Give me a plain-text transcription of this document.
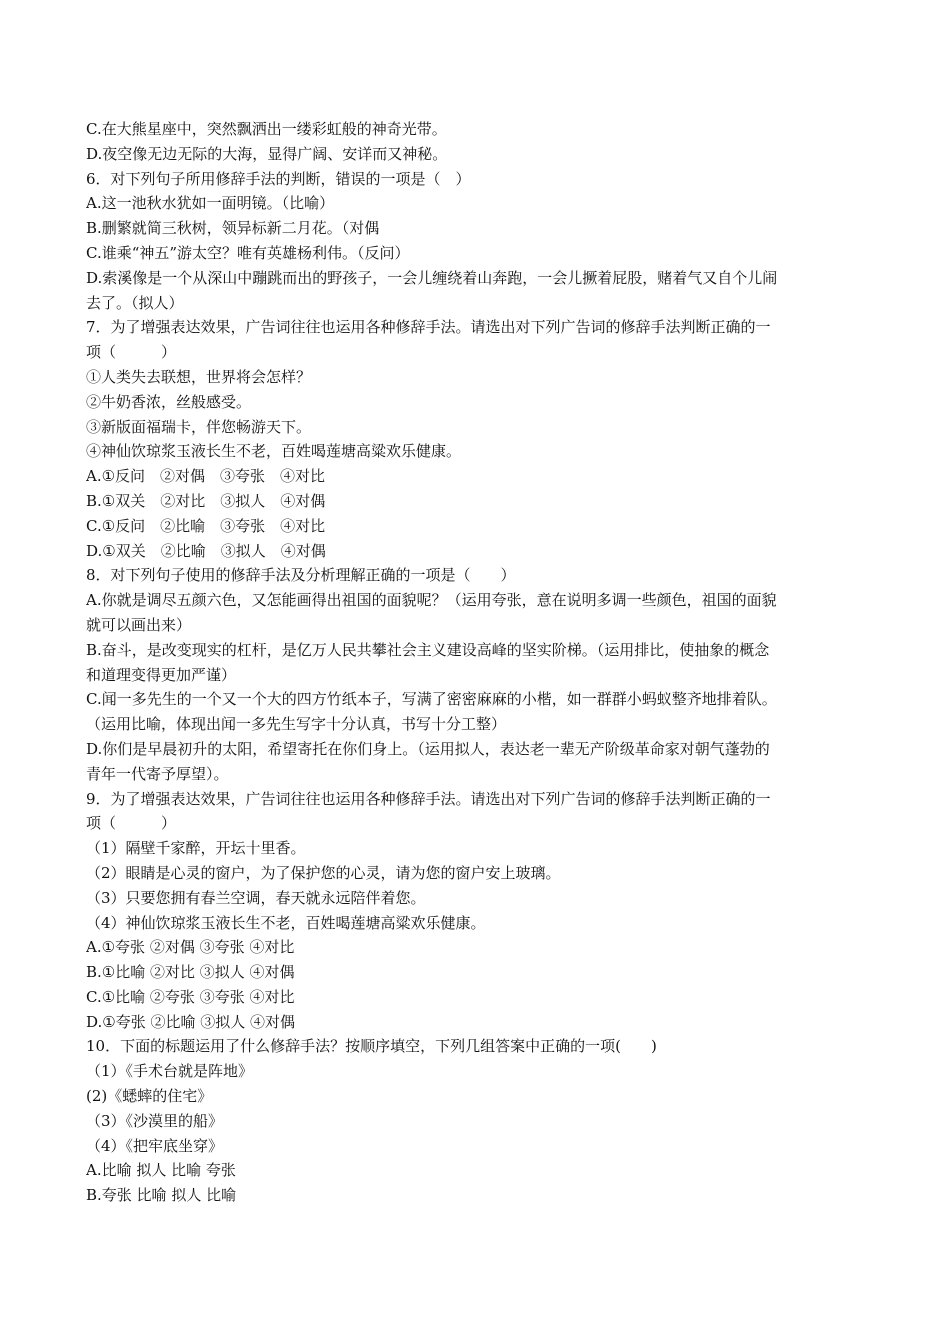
C.在大熊星座中，突然飘洒出一缕彩虹般的神奇光带。
D.夜空像无边无际的大海，显得广阔、安详而又神秘。
6．对下列句子所用修辞手法的判断，错误的一项是（　）
A.这一池秋水犹如一面明镜。（比喻）
B.删繁就简三秋树，领异标新二月花。（对偶
C.谁乘“神五”游太空？唯有英雄杨利伟。（反问）
D.索溪像是一个从深山中蹦跳而出的野孩子，一会儿缠绕着山奔跑，一会儿撅着屁股，赌着气又自个儿闹
去了。（拟人）
7．为了增强表达效果，广告词往往也运用各种修辞手法。请选出对下列广告词的修辞手法判断正确的一
项（　　　）
①人类失去联想，世界将会怎样？
②牛奶香浓，丝般感受。
③新版面福瑞卡，伴您畅游天下。
④神仙饮琼浆玉液长生不老，百姓喝莲塘高粱欢乐健康。
A.①反问　②对偶　③夸张　④对比
B.①双关　②对比　③拟人　④对偶
C.①反问　②比喻　③夸张　④对比
D.①双关　②比喻　③拟人　④对偶
8．对下列句子使用的修辞手法及分析理解正确的一项是（　　）
A.你就是调尽五颜六色，又怎能画得出祖国的面貌呢？（运用夸张，意在说明多调一些颜色，祖国的面貌
就可以画出来）
B.奋斗，是改变现实的杠杆，是亿万人民共攀社会主义建设高峰的坚实阶梯。（运用排比，使抽象的概念
和道理变得更加严谨）
C.闻一多先生的一个又一个大的四方竹纸本子，写满了密密麻麻的小楷，如一群群小蚂蚁整齐地排着队。
（运用比喻，体现出闻一多先生写字十分认真，书写十分工整）
D.你们是早晨初升的太阳，希望寄托在你们身上。（运用拟人，表达老一辈无产阶级革命家对朝气蓬勃的
青年一代寄予厚望）。
9．为了增强表达效果，广告词往往也运用各种修辞手法。请选出对下列广告词的修辞手法判断正确的一
项（　　　）
（1）隔壁千家醉，开坛十里香。
（2）眼睛是心灵的窗户，为了保护您的心灵，请为您的窗户安上玻璃。
（3）只要您拥有春兰空调，春天就永远陪伴着您。
（4）神仙饮琼浆玉液长生不老，百姓喝莲塘高粱欢乐健康。
A.①夸张 ②对偶 ③夸张 ④对比
B.①比喻 ②对比 ③拟人 ④对偶
C.①比喻 ②夸张 ③夸张 ④对比
D.①夸张 ②比喻 ③拟人 ④对偶
10．下面的标题运用了什么修辞手法？按顺序填空，下列几组答案中正确的一项(　　)
（1）《手术台就是阵地》
(2)《蟋蟀的住宅》
（3）《沙漠里的船》
（4）《把牢底坐穿》
A.比喻 拟人 比喻 夸张
B.夸张 比喻 拟人 比喻
